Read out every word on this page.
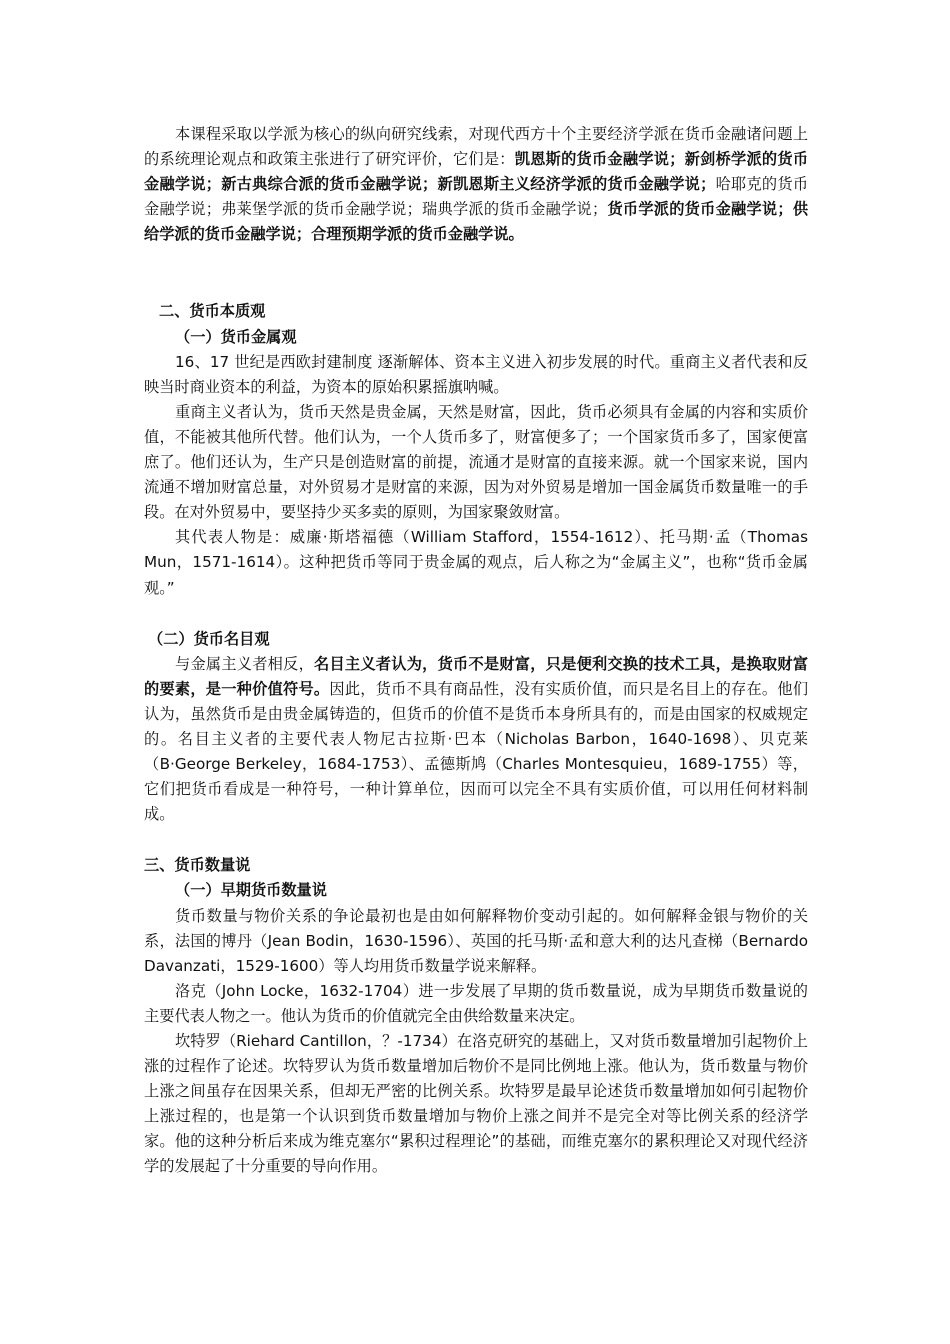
本课程采取以学派为核心的纵向研究线索，对现代西方十个主要经济学派在货币金融诸问题上的系统理论观点和政策主张进行了研究评价，它们是：凯恩斯的货币金融学说；新剑桥学派的货币金融学说；新古典综合派的货币金融学说；新凯恩斯主义经济学派的货币金融学说；哈耶克的货币金融学说；弗莱堡学派的货币金融学说；瑞典学派的货币金融学说；货币学派的货币金融学说；供给学派的货币金融学说；合理预期学派的货币金融学说。

二、货币本质观

（一）货币金属观

16、17 世纪是西欧封建制度 逐渐解体、资本主义进入初步发展的时代。重商主义者代表和反映当时商业资本的利益，为资本的原始积累摇旗呐喊。

重商主义者认为，货币天然是贵金属，天然是财富，因此，货币必须具有金属的内容和实质价值，不能被其他所代替。他们认为，一个人货币多了，财富便多了；一个国家货币多了，国家便富庶了。他们还认为，生产只是创造财富的前提，流通才是财富的直接来源。就一个国家来说，国内流通不增加财富总量，对外贸易才是财富的来源，因为对外贸易是增加一国金属货币数量唯一的手段。在对外贸易中，要坚持少买多卖的原则，为国家聚敛财富。

其代表人物是：威廉·斯塔福德（William Stafford，1554-1612）、托马期·孟（Thomas Mun，1571-1614）。这种把货币等同于贵金属的观点，后人称之为“金属主义”，也称“货币金属观。”

（二）货币名目观

与金属主义者相反，名目主义者认为，货币不是财富，只是便利交换的技术工具，是换取财富的要素，是一种价值符号。因此，货币不具有商品性，没有实质价值，而只是名目上的存在。他们认为，虽然货币是由贵金属铸造的，但货币的价值不是货币本身所具有的，而是由国家的权威规定的。名目主义者的主要代表人物尼古拉斯·巴本（Nicholas Barbon，1640-1698）、贝克莱（B·George Berkeley，1684-1753）、孟德斯鸠（Charles Montesquieu，1689-1755）等，它们把货币看成是一种符号，一种计算单位，因而可以完全不具有实质价值，可以用任何材料制成。

三、货币数量说

（一）早期货币数量说

货币数量与物价关系的争论最初也是由如何解释物价变动引起的。如何解释金银与物价的关系，法国的博丹（Jean Bodin，1630-1596）、英国的托马斯·孟和意大利的达凡查梯（Bernardo Davanzati，1529-1600）等人均用货币数量学说来解释。

洛克（John Locke，1632-1704）进一步发展了早期的货币数量说，成为早期货币数量说的主要代表人物之一。他认为货币的价值就完全由供给数量来决定。

坎特罗（Riehard Cantillon，？-1734）在洛克研究的基础上，又对货币数量增加引起物价上涨的过程作了论述。坎特罗认为货币数量增加后物价不是同比例地上涨。他认为，货币数量与物价上涨之间虽存在因果关系，但却无严密的比例关系。坎特罗是最早论述货币数量增加如何引起物价上涨过程的，也是第一个认识到货币数量增加与物价上涨之间并不是完全对等比例关系的经济学家。他的这种分析后来成为维克塞尔“累积过程理论”的基础，而维克塞尔的累积理论又对现代经济学的发展起了十分重要的导向作用。
